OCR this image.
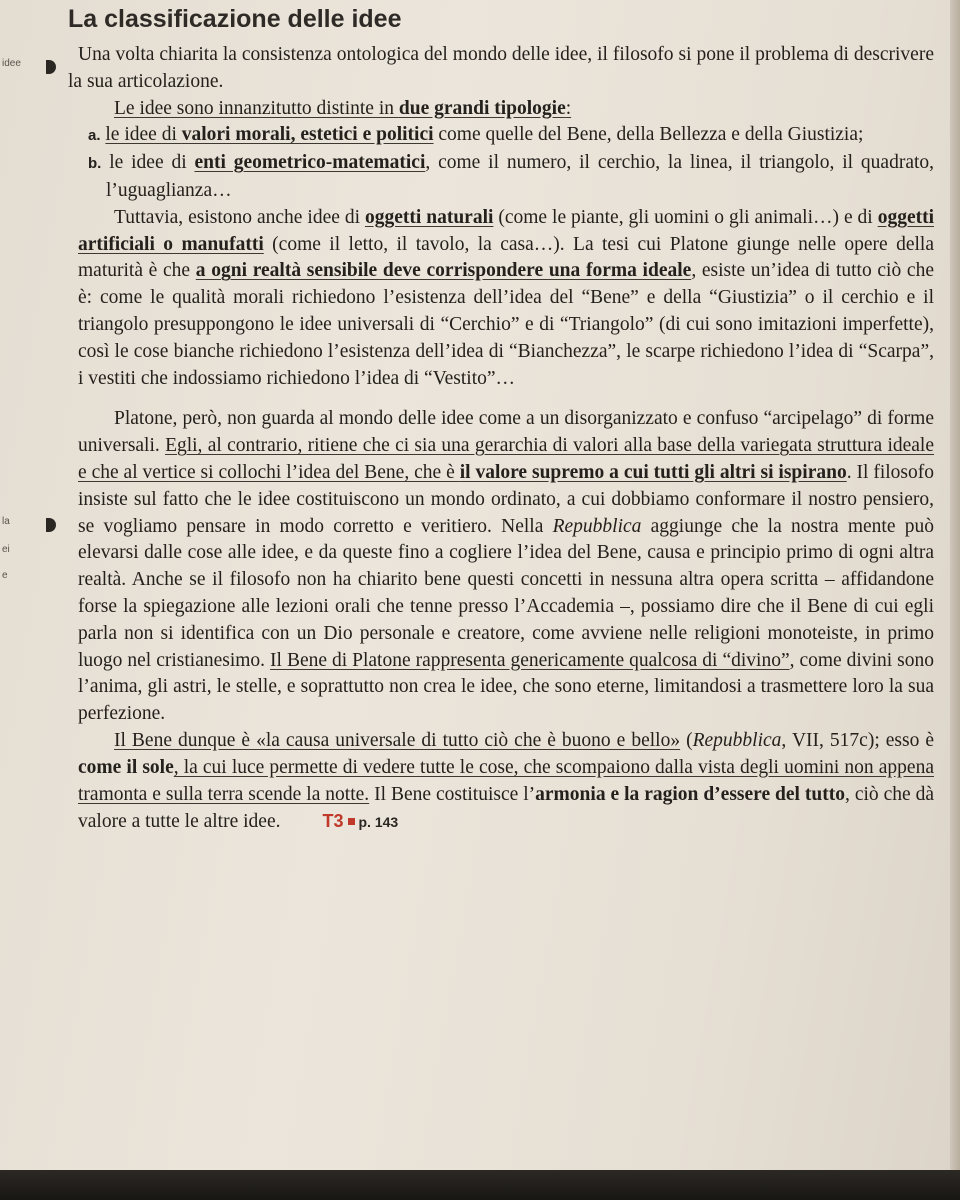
La classificazione delle idee
idee	Una volta chiarita la consistenza ontologica del mondo delle idee, il filosofo si pone il problema di descrivere la sua articolazione.

Le idee sono innanzitutto distinte in due grandi tipologie:

a. le idee di valori morali, estetici e politici come quelle del Bene, della Bellezza e della Giustizia;

b. le idee di enti geometrico-matematici, come il numero, il cerchio, la linea, il triangolo, il quadrato, l’uguaglianza…

Tuttavia, esistono anche idee di oggetti naturali (come le piante, gli uomini o gli animali…) e di oggetti artificiali o manufatti (come il letto, il tavolo, la casa…). La tesi cui Platone giunge nelle opere della maturità è che a ogni realtà sensibile deve corrispondere una forma ideale, esiste un’idea di tutto ciò che è: come le qualità morali richiedono l’esistenza dell’idea del “Bene” e della “Giustizia” o il cerchio e il triangolo presuppongono le idee universali di “Cerchio” e di “Triangolo” (di cui sono imitazioni imperfette), così le cose bianche richiedono l’esistenza dell’idea di “Bianchezza”, le scarpe richiedono l’idea di “Scarpa”, i vestiti che indossiamo richiedono l’idea di “Vestito”…

la
ei
e

Platone, però, non guarda al mondo delle idee come a un disorganizzato e confuso “arcipelago” di forme universali. Egli, al contrario, ritiene che ci sia una gerarchia di valori alla base della variegata struttura ideale e che al vertice si collochi l’idea del Bene, che è il valore supremo a cui tutti gli altri si ispirano. Il filosofo insiste sul fatto che le idee costituiscono un mondo ordinato, a cui dobbiamo conformare il nostro pensiero, se vogliamo pensare in modo corretto e veritiero. Nella Repubblica aggiunge che la nostra mente può elevarsi dalle cose alle idee, e da queste fino a cogliere l’idea del Bene, causa e principio primo di ogni altra realtà. Anche se il filosofo non ha chiarito bene questi concetti in nessuna altra opera scritta – affidandone forse la spiegazione alle lezioni orali che tenne presso l’Accademia –, possiamo dire che il Bene di cui egli parla non si identifica con un Dio personale e creatore, come avviene nelle religioni monoteiste, in primo luogo nel cristianesimo. Il Bene di Platone rappresenta genericamente qualcosa di “divino”, come divini sono l’anima, gli astri, le stelle, e soprattutto non crea le idee, che sono eterne, limitandosi a trasmettere loro la sua perfezione.

Il Bene dunque è «la causa universale di tutto ciò che è buono e bello» (Repubblica, VII, 517c); esso è come il sole, la cui luce permette di vedere tutte le cose, che scompaiono dalla vista degli uomini non appena tramonta e sulla terra scende la notte. Il Bene costituisce l’armonia e la ragion d’essere del tutto, ciò che dà valore a tutte le altre idee. T3 p. 143
